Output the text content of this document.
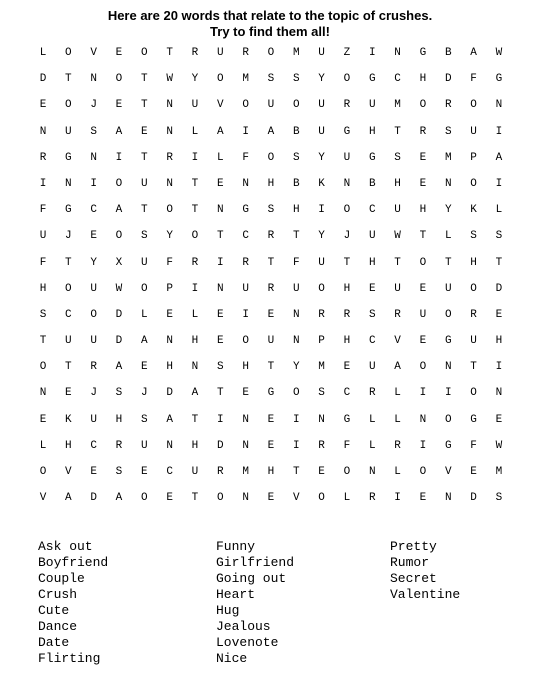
Here are 20 words that relate to the topic of crushes.
Try to find them all!
L	O	V	E	O	T	R	U	R	O	M	U	Z	I	N	G	B	A	W
D	T	N	O	T	W	Y	O	M	S	S	Y	O	G	C	H	D	F	G
E	O	J	E	T	N	U	V	O	U	O	U	R	U	M	O	R	O	N
N	U	S	A	E	N	L	A	I	A	B	U	G	H	T	R	S	U	I
R	G	N	I	T	R	I	L	F	O	S	Y	U	G	S	E	M	P	A
I	N	I	O	U	N	T	E	N	H	B	K	N	B	H	E	N	O	I
F	G	C	A	T	O	T	N	G	S	H	I	O	C	U	H	Y	K	L
U	J	E	O	S	Y	O	T	C	R	T	Y	J	U	W	T	L	S	S
F	T	Y	X	U	F	R	I	R	T	F	U	T	H	T	O	T	H	T
H	O	U	W	O	P	I	N	U	R	U	O	H	E	U	E	U	O	D
S	C	O	D	L	E	L	E	I	E	N	R	R	S	R	U	O	R	E
T	U	U	D	A	N	H	E	O	U	N	P	H	C	V	E	G	U	H
O	T	R	A	E	H	N	S	H	T	Y	M	E	U	A	O	N	T	I
N	E	J	S	J	D	A	T	E	G	O	S	C	R	L	I	I	O	N
E	K	U	H	S	A	T	I	N	E	I	N	G	L	L	N	O	G	E
L	H	C	R	U	N	H	D	N	E	I	R	F	L	R	I	G	F	W
O	V	E	S	E	C	U	R	M	H	T	E	O	N	L	O	V	E	M
V	A	D	A	O	E	T	O	N	E	V	O	L	R	I	E	N	D	S
Ask out
Boyfriend
Couple
Crush
Cute
Dance
Date
Flirting
Funny
Girlfriend
Going out
Heart
Hug
Jealous
Lovenote
Nice
Pretty
Rumor
Secret
Valentine
